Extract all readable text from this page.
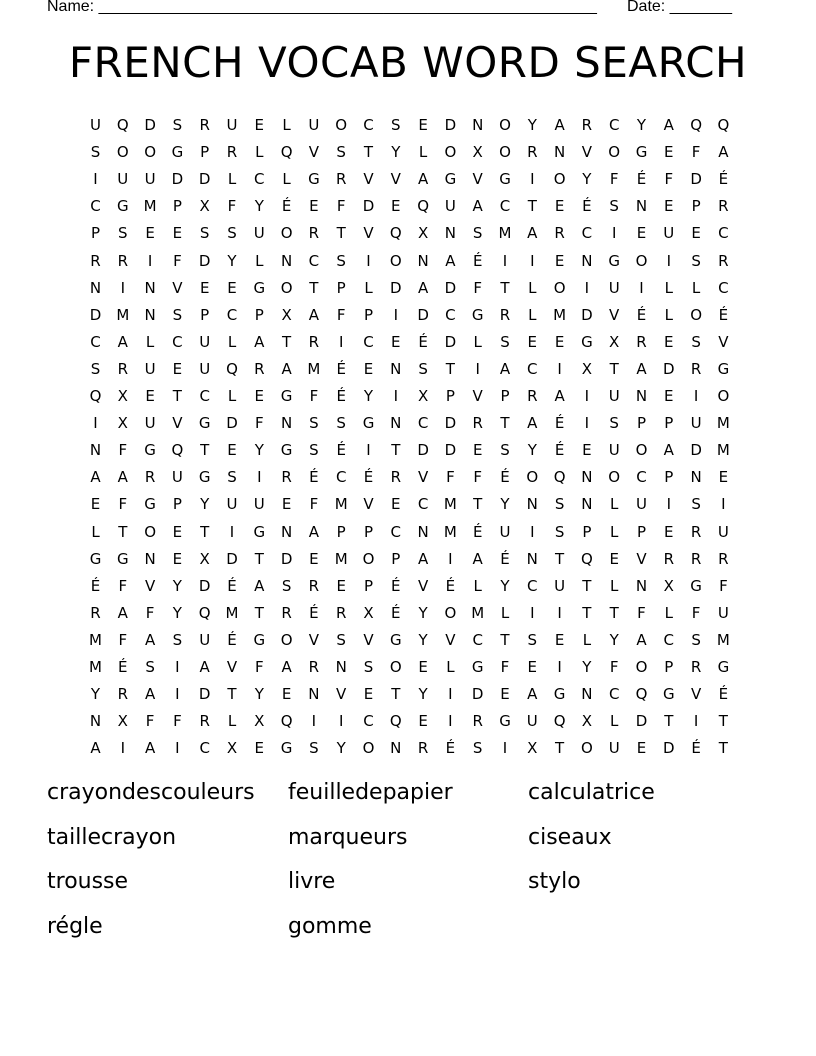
Name: ________________________________________________________ Date: _______
FRENCH VOCAB WORD SEARCH
U	Q	D	S	R	U	E	L	U	O	C	S	E	D	N	O	Y	A	R	C	Y	A	Q	Q
S	O	O	G	P	R	L	Q	V	S	T	Y	L	O	X	O	R	N	V	O	G	E	F	A
I	U	U	D	D	L	C	L	G	R	V	V	A	G	V	G	I	O	Y	F	É	F	D	É
C	G	M	P	X	F	Y	É	E	F	D	E	Q	U	A	C	T	E	É	S	N	E	P	R
P	S	E	E	S	S	U	O	R	T	V	Q	X	N	S	M	A	R	C	I	E	U	E	C
R	R	I	F	D	Y	L	N	C	S	I	O	N	A	É	I	I	E	N	G	O	I	S	R
N	I	N	V	E	E	G	O	T	P	L	D	A	D	F	T	L	O	I	U	I	L	L	C
D	M	N	S	P	C	P	X	A	F	P	I	D	C	G	R	L	M	D	V	É	L	O	É
C	A	L	C	U	L	A	T	R	I	C	E	É	D	L	S	E	E	G	X	R	E	S	V
S	R	U	E	U	Q	R	A	M	É	E	N	S	T	I	A	C	I	X	T	A	D	R	G
Q	X	E	T	C	L	E	G	F	É	Y	I	X	P	V	P	R	A	I	U	N	E	I	O
I	X	U	V	G	D	F	N	S	S	G	N	C	D	R	T	A	É	I	S	P	P	U	M
N	F	G	Q	T	E	Y	G	S	É	I	T	D	D	E	S	Y	É	E	U	O	A	D	M
A	A	R	U	G	S	I	R	É	C	É	R	V	F	F	É	O	Q	N	O	C	P	N	E
E	F	G	P	Y	U	U	E	F	M	V	E	C	M	T	Y	N	S	N	L	U	I	S	I
L	T	O	E	T	I	G	N	A	P	P	C	N	M	É	U	I	S	P	L	P	E	R	U
G	G	N	E	X	D	T	D	E	M O	P	A	I	A	É	N	T	Q	E	V	R	R	R
É	F	V	Y	D	É	A	S	R	E	P	É	V	É	L	Y	C	U	T	L	N	X	G	F
R	A	F	Y	Q M	T	R	É	R	X	É	Y	O M	L	I	I	T	T	F	L	F	U
M	F	A	S	U	É	G	O	V	S	V	G	Y	V	C	T	S	E	L	Y	A	C	S	M
M	É	S	I	A	V	F	A	R	N	S	O	E	L	G	F	E	I	Y	F	O	P	R	G
Y	R	A	I	D	T	Y	E	N	V	E	T	Y	I	D	E	A	G	N	C	Q	G	V	É
N	X	F	F	R	L	X	Q	I	I	C	Q	E	I	R	G	U	Q	X	L	D	T	I	T
A	I	A	I	C	X	E	G	S	Y	O	N	R	É	S	I	X	T	O	U	E	D	É	T
crayondescouleurs feuilledepapier	calculatrice
taillecrayon	marqueurs	ciseaux
trousse	livre	stylo
régle	gomme
